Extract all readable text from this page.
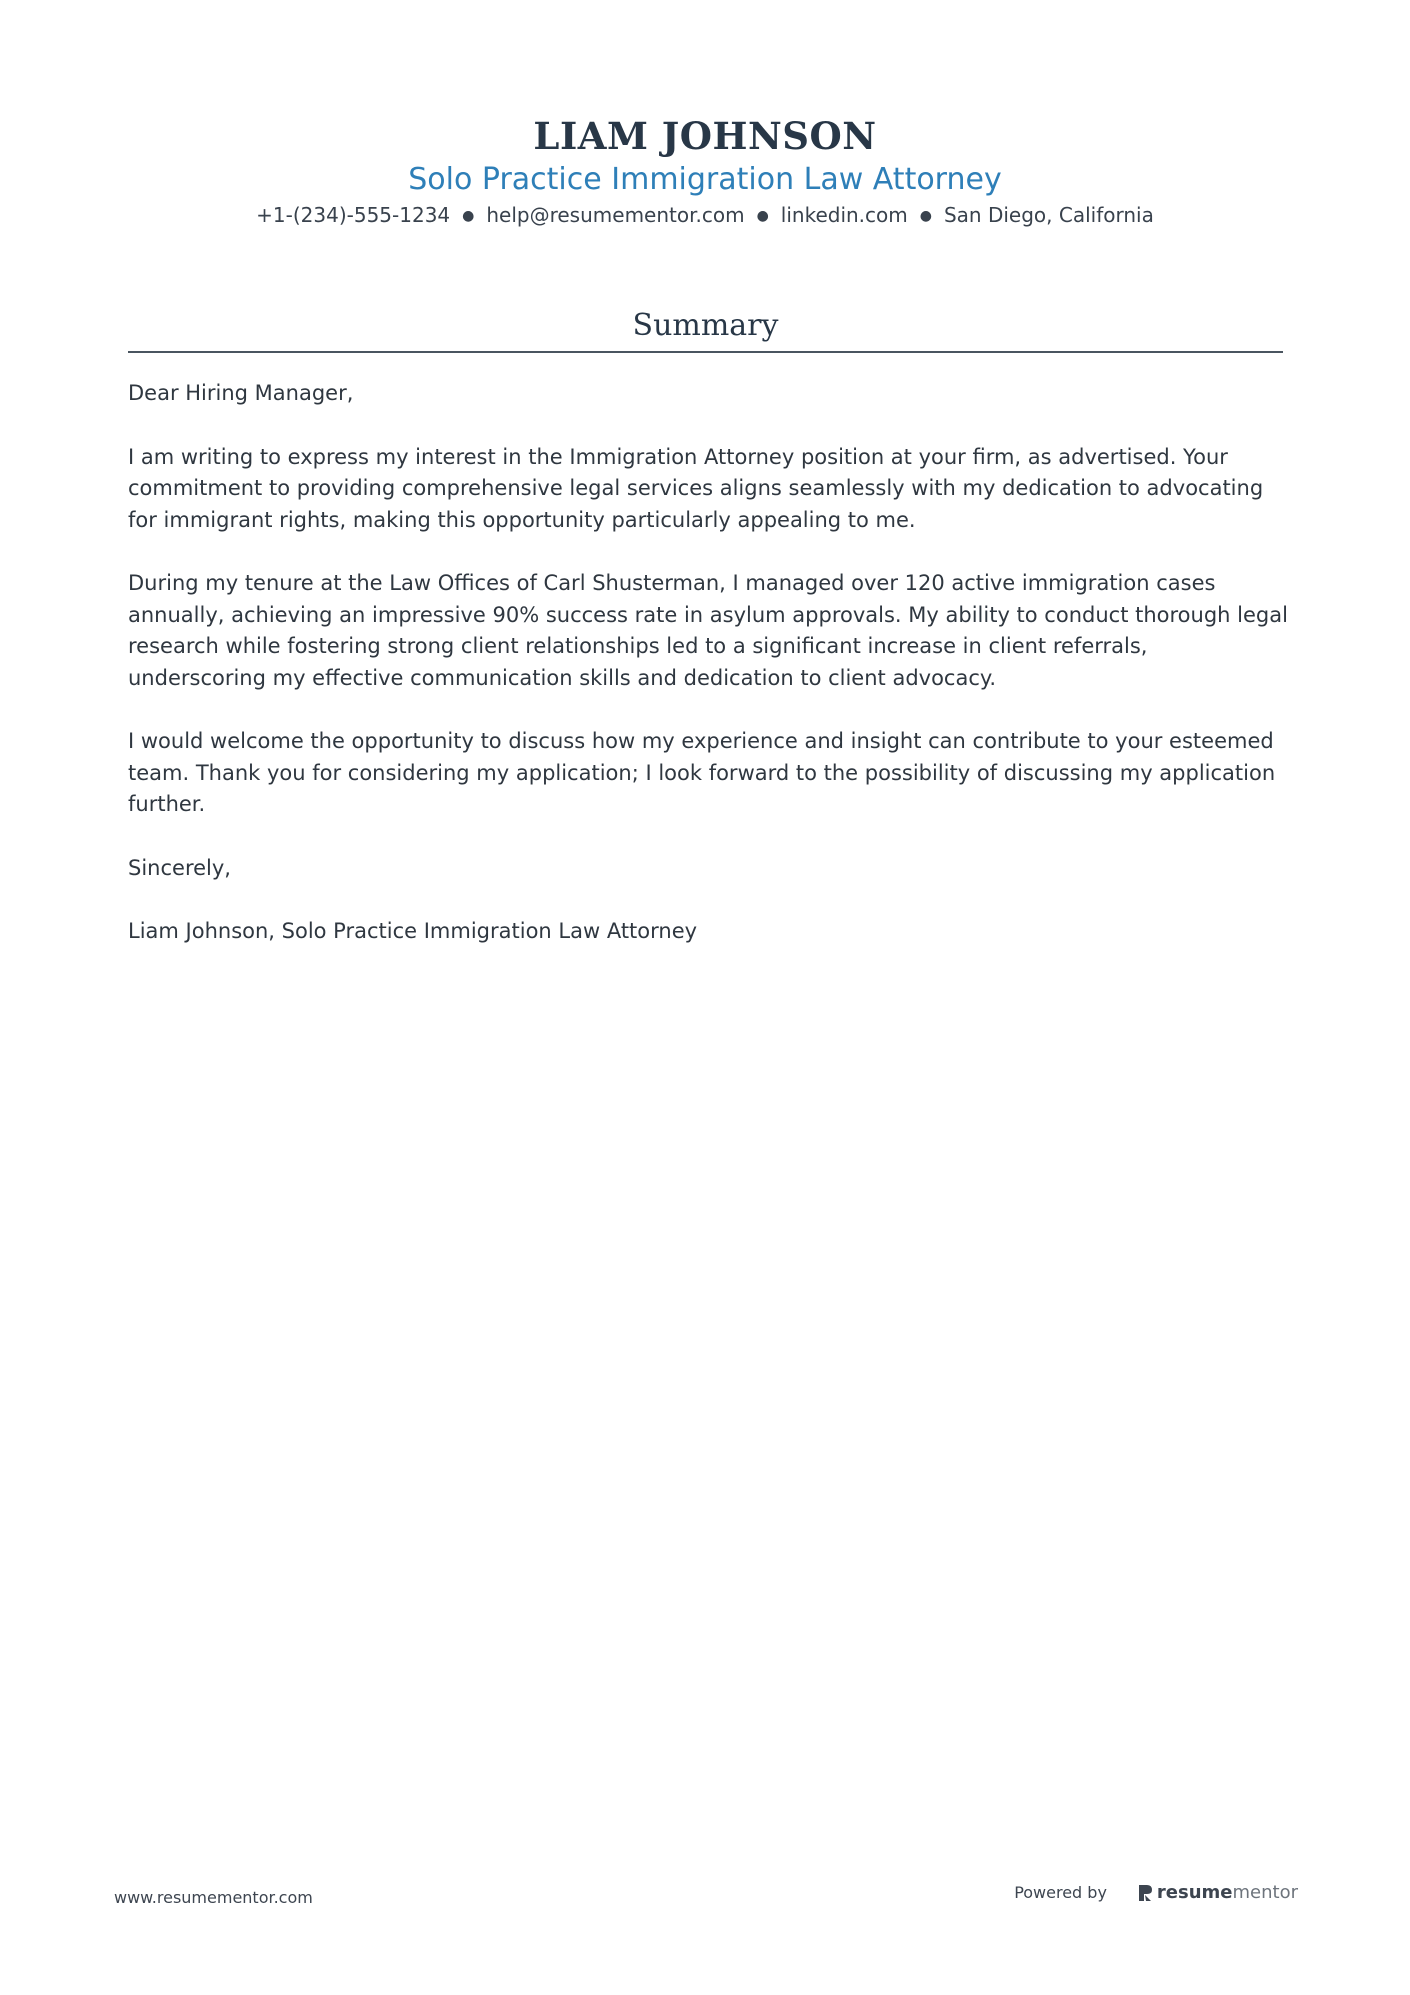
LIAM JOHNSON
Solo Practice Immigration Law Attorney
+1-(234)-555-1234 ● help@resumementor.com ● linkedin.com ● San Diego, California
Summary

Dear Hiring Manager,

I am writing to express my interest in the Immigration Attorney position at your firm, as advertised. Your commitment to providing comprehensive legal services aligns seamlessly with my dedication to advocating for immigrant rights, making this opportunity particularly appealing to me.

During my tenure at the Law Offices of Carl Shusterman, I managed over 120 active immigration cases annually, achieving an impressive 90% success rate in asylum approvals. My ability to conduct thorough legal research while fostering strong client relationships led to a significant increase in client referrals, underscoring my effective communication skills and dedication to client advocacy.

I would welcome the opportunity to discuss how my experience and insight can contribute to your esteemed team. Thank you for considering my application; I look forward to the possibility of discussing my application further.

Sincerely,

Liam Johnson, Solo Practice Immigration Law Attorney

www.resumementor.com	Powered by	resume mentor
